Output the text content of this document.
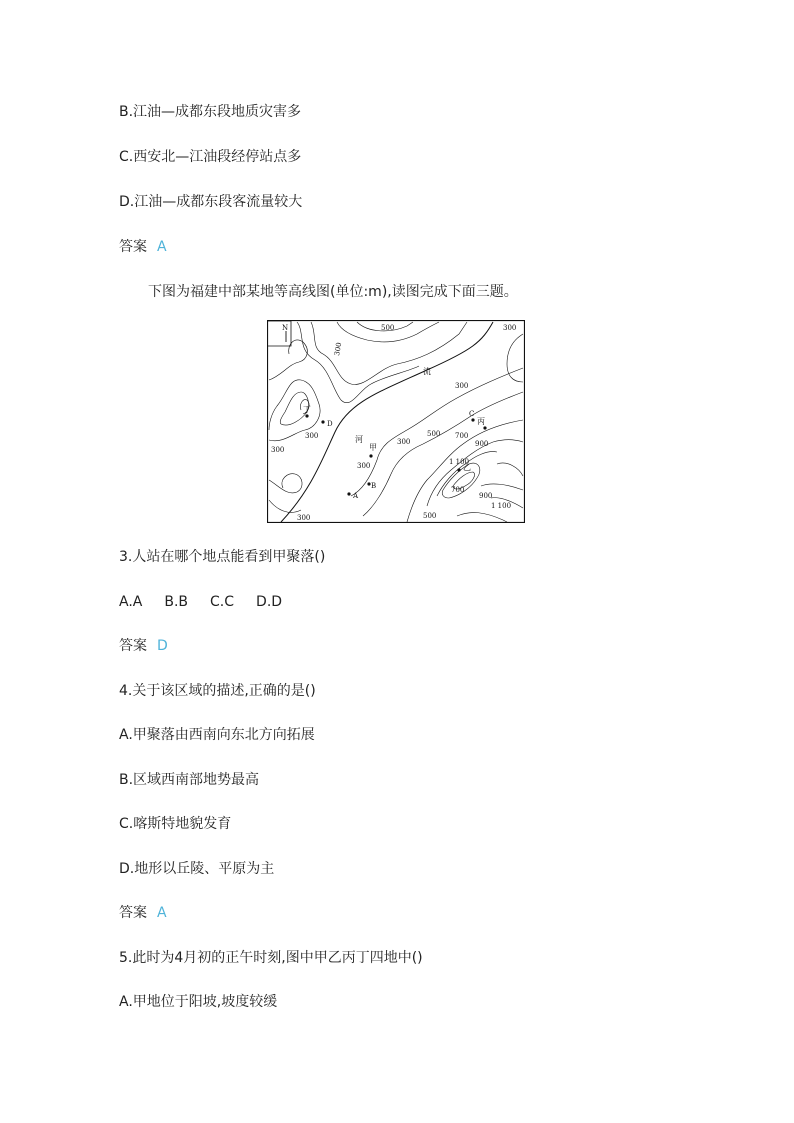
B.江油—成都东段地质灾害多
C.西安北—江油段经停站点多
D.江油—成都东段客流量较大
答案 A
下图为福建中部某地等高线图(单位:m),读图完成下面三题。
N	500
300
300
300
300
300
300
300
500 700
900
1 100
700
900
1 100
500
300
河
流
甲
乙
丙
丁
A
B
C
D
3.人站在哪个地点能看到甲聚落()
A.A B.B C.C D.D
答案 D
4.关于该区域的描述,正确的是()
A.甲聚落由西南向东北方向拓展
B.区域西南部地势最高
C.喀斯特地貌发育
D.地形以丘陵、平原为主
答案 A
5.此时为4月初的正午时刻,图中甲乙丙丁四地中()
A.甲地位于阳坡,坡度较缓
